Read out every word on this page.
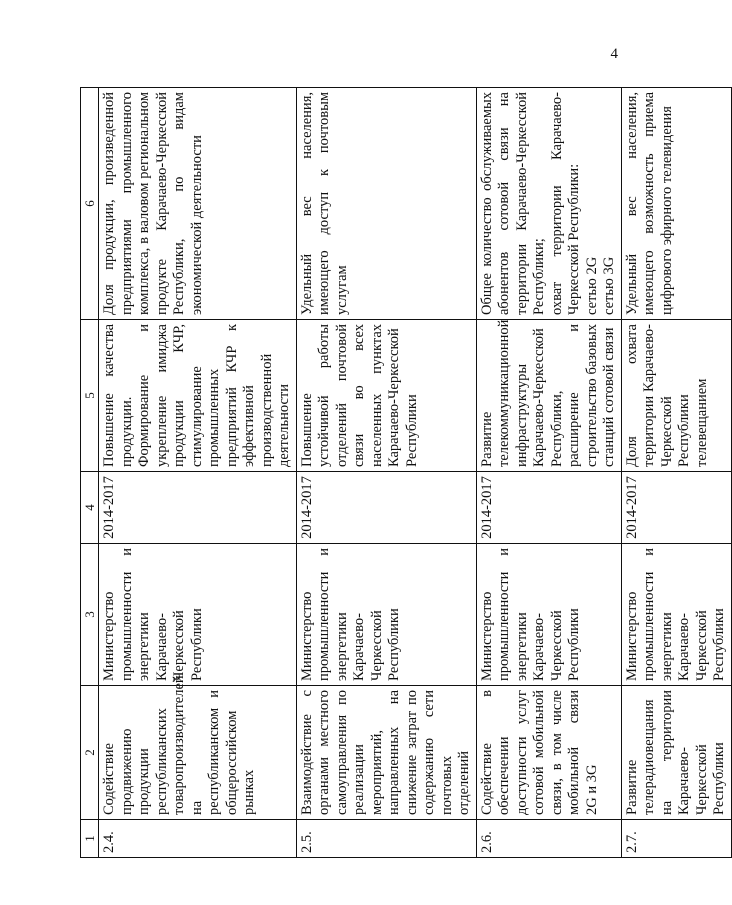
4
1	2	3	4	5	6
2.4.	Содействие продвижению продукции республиканских товаропроизводителей на республиканском и общероссийском рынках	Министерство промышленности и энергетики Карачаево-Черкесской Республики	2014-2017	Повышение качества продукции. Формирование и укрепление имиджа продукции КЧР, стимулирование промышленных предприятий КЧР к эффективной производственной деятельности	Доля продукции, произведенной предприятиями промышленного комплекса, в валовом региональном продукте Карачаево-Черкесской Республики, по видам экономической деятельности
2.5.	Взаимодействие с органами местного самоуправления по реализации мероприятий, направленных на снижение затрат по содержанию сети почтовых отделений	Министерство промышленности и энергетики Карачаево-Черкесской Республики	2014-2017	Повышение устойчивой работы отделений почтовой связи во всех населенных пунктах Карачаево-Черкесской Республики	Удельный вес населения, имеющего доступ к почтовым услугам
2.6.	Содействие в обеспечении доступности услуг сотовой мобильной связи, в том числе мобильной связи 2G и 3G	Министерство промышленности и энергетики Карачаево-Черкесской Республики	2014-2017	Развитие телекоммуникационной инфраструктуры Карачаево-Черкесской Республики, расширение и строительство базовых станций сотовой связи	Общее количество обслуживаемых абонентов сотовой связи на территории Карачаево-Черкесской Республики; охват территории Карачаево-Черкесской Республики: сетью 2G сетью 3G

2.7.	Развитие телерадиовещания на территории Карачаево-Черкесской Республики	Министерство промышленности и энергетики Карачаево-Черкесской Республики	2014-2017	Доля охвата территории Карачаево-Черкесской Республики телевещанием	Удельный вес населения, имеющего возможность приема цифрового эфирного телевидения
